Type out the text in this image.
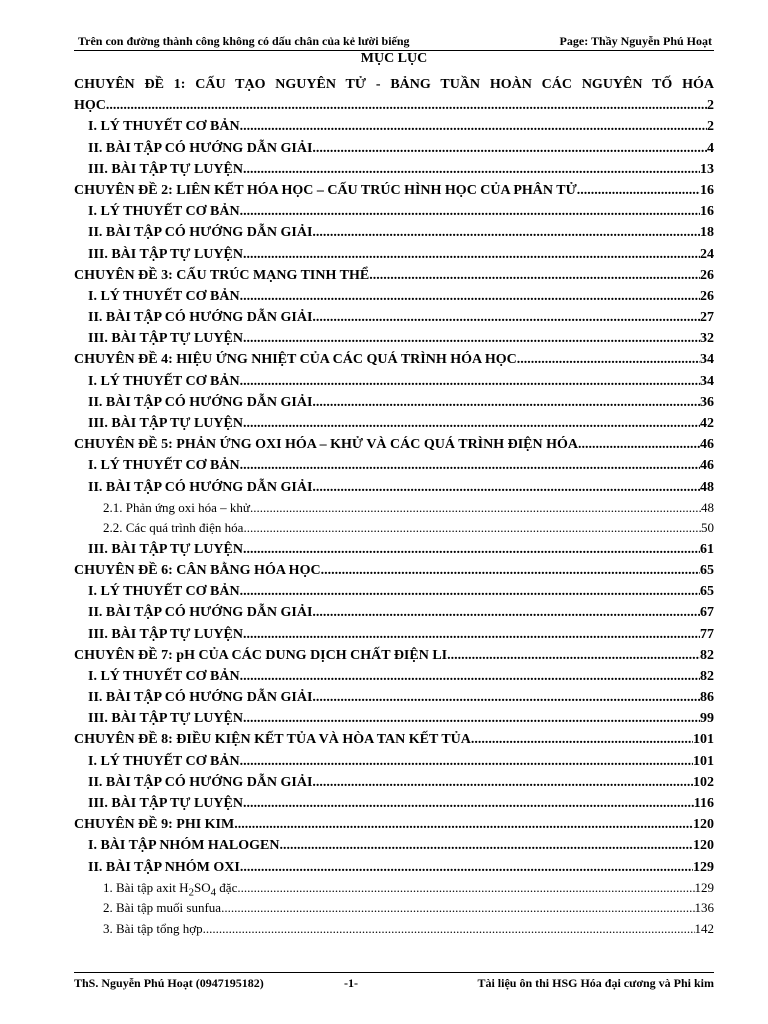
Trên con đường thành công không có dấu chân của kẻ lười biếng	Page: Thầy Nguyễn Phú Hoạt
MỤC LỤC
CHUYÊN ĐỀ 1: CẤU TẠO NGUYÊN TỬ - BẢNG TUẦN HOÀN CÁC NGUYÊN TỐ HÓA
HỌC .....	2
I. LÝ THUYẾT CƠ BẢN .....	2
II. BÀI TẬP CÓ HƯỚNG DẪN GIẢI .....	4
III. BÀI TẬP TỰ LUYỆN .....	13
CHUYÊN ĐỀ 2: LIÊN KẾT HÓA HỌC – CẤU TRÚC HÌNH HỌC CỦA PHÂN TỬ .....	16
I. LÝ THUYẾT CƠ BẢN .....	16
II. BÀI TẬP CÓ HƯỚNG DẪN GIẢI .....	18
III. BÀI TẬP TỰ LUYỆN .....	24
CHUYÊN ĐỀ 3: CẤU TRÚC MẠNG TINH THỂ .....	26
I. LÝ THUYẾT CƠ BẢN .....	26
II. BÀI TẬP CÓ HƯỚNG DẪN GIẢI .....	27
III. BÀI TẬP TỰ LUYỆN .....	32
CHUYÊN ĐỀ 4: HIỆU ỨNG NHIỆT CỦA CÁC QUÁ TRÌNH HÓA HỌC .....	34
I. LÝ THUYẾT CƠ BẢN .....	34
II. BÀI TẬP CÓ HƯỚNG DẪN GIẢI .....	36
III. BÀI TẬP TỰ LUYỆN .....	42
CHUYÊN ĐỀ 5: PHẢN ỨNG OXI HÓA – KHỬ VÀ CÁC QUÁ TRÌNH ĐIỆN HÓA .....	46
I. LÝ THUYẾT CƠ BẢN .....	46
II. BÀI TẬP CÓ HƯỚNG DẪN GIẢI .....	48
2.1. Phản ứng oxi hóa – khử .....	48
2.2. Các quá trình điện hóa .....	50
III. BÀI TẬP TỰ LUYỆN .....	61
CHUYÊN ĐỀ 6: CÂN BẰNG HÓA HỌC .....	65
I. LÝ THUYẾT CƠ BẢN .....	65
II. BÀI TẬP CÓ HƯỚNG DẪN GIẢI .....	67
III. BÀI TẬP TỰ LUYỆN .....	77
CHUYÊN ĐỀ 7: pH CỦA CÁC DUNG DỊCH CHẤT ĐIỆN LI .....	82
I. LÝ THUYẾT CƠ BẢN .....	82
II. BÀI TẬP CÓ HƯỚNG DẪN GIẢI .....	86
III. BÀI TẬP TỰ LUYỆN .....	99
CHUYÊN ĐỀ 8: ĐIỀU KIỆN KẾT TỦA VÀ HÒA TAN KẾT TỦA .....	101
I. LÝ THUYẾT CƠ BẢN .....	101
II. BÀI TẬP CÓ HƯỚNG DẪN GIẢI .....	102
III. BÀI TẬP TỰ LUYỆN .....	116
CHUYÊN ĐỀ 9: PHI KIM .....	120
I. BÀI TẬP NHÓM HALOGEN .....	120
II. BÀI TẬP NHÓM OXI .....	129
1. Bài tập axit $H_2SO_4$ đặc .....	129
2. Bài tập muối sunfua .....	136
3. Bài tập tổng hợp .....	142
ThS. Nguyễn Phú Hoạt (0947195182)	-1-	Tài liệu ôn thi HSG Hóa đại cương và Phi kim
